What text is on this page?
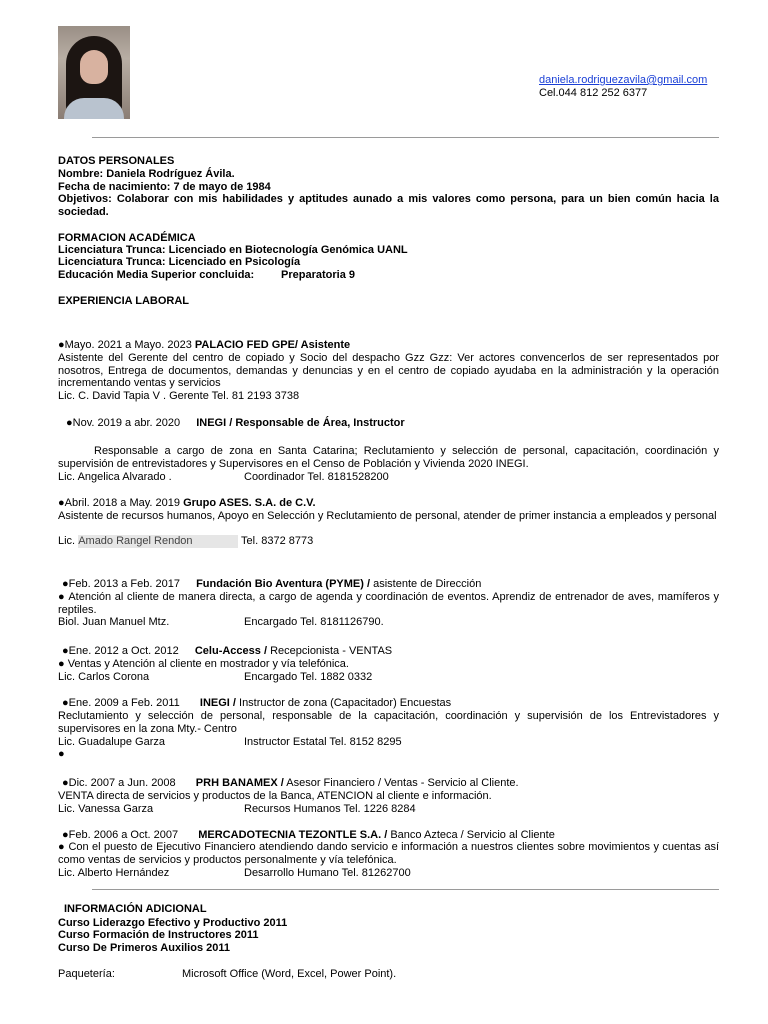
daniela.rodriguezavila@gmail.com
Cel.044 812 252 6377
DATOS PERSONALES
Nombre: Daniela Rodríguez Ávila.
Fecha de nacimiento: 7 de mayo de 1984
Objetivos: Colaborar con mis habilidades y aptitudes aunado a mis valores como persona, para un bien común hacia la sociedad.
FORMACION ACADÉMICA
Licenciatura Trunca: Licenciado en Biotecnología Genómica UANL
Licenciatura Trunca: Licenciado en Psicología
Educación Media Superior concluida: Preparatoria 9
EXPERIENCIA LABORAL
●Mayo. 2021 a Mayo. 2023 PALACIO FED GPE/ Asistente
Asistente del Gerente del centro de copiado y Socio del despacho Gzz Gzz: Ver actores convencerlos de ser representados por nosotros, Entrega de documentos, demandas y denuncias y en el centro de copiado ayudaba en la administración y la operación incrementando ventas y servicios
Lic. C. David Tapia V . Gerente Tel. 81 2193 3738
●Nov. 2019 a abr. 2020 INEGI / Responsable de Área, Instructor
Responsable a cargo de zona en Santa Catarina; Reclutamiento y selección de personal, capacitación, coordinación y supervisión de entrevistadores y Supervisores en el Censo de Población y Vivienda 2020 INEGI.
Lic. Angelica Alvarado .	Coordinador Tel. 8181528200
●Abril. 2018 a May. 2019 Grupo ASES. S.A. de C.V.
Asistente de recursos humanos, Apoyo en Selección y Reclutamiento de personal, atender de primer instancia a empleados y personal
Lic. Amado Rangel Rendon	Tel. 8372 8773
●Feb. 2013 a Feb. 2017 Fundación Bio Aventura (PYME) / asistente de Dirección
● Atención al cliente de manera directa, a cargo de agenda y coordinación de eventos. Aprendiz de entrenador de aves, mamíferos y reptiles.
Biol. Juan Manuel Mtz.	Encargado Tel. 8181126790.
●Ene. 2012 a Oct. 2012 Celu-Access / Recepcionista - VENTAS
● Ventas y Atención al cliente en mostrador y vía telefónica.
Lic. Carlos Corona	Encargado Tel. 1882 0332
●Ene. 2009 a Feb. 2011 INEGI / Instructor de zona (Capacitador) Encuestas
Reclutamiento y selección de personal, responsable de la capacitación, coordinación y supervisión de los Entrevistadores y supervisores en la zona Mty.- Centro
Lic. Guadalupe Garza	Instructor Estatal Tel. 8152 8295
●
●Dic. 2007 a Jun. 2008 PRH BANAMEX / Asesor Financiero / Ventas - Servicio al Cliente.
VENTA directa de servicios y productos de la Banca, ATENCION al cliente e información.
Lic. Vanessa Garza	Recursos Humanos Tel. 1226 8284
●Feb. 2006 a Oct. 2007 MERCADOTECNIA TEZONTLE S.A. / Banco Azteca / Servicio al Cliente
● Con el puesto de Ejecutivo Financiero atendiendo dando servicio e información a nuestros clientes sobre movimientos y cuentas así como ventas de servicios y productos personalmente y vía telefónica.
Lic. Alberto Hernández	Desarrollo Humano Tel. 81262700
INFORMACIÓN ADICIONAL
Curso Liderazgo Efectivo y Productivo 2011
Curso Formación de Instructores 2011
Curso De Primeros Auxilios 2011
Paquetería:	Microsoft Office (Word, Excel, Power Point).
